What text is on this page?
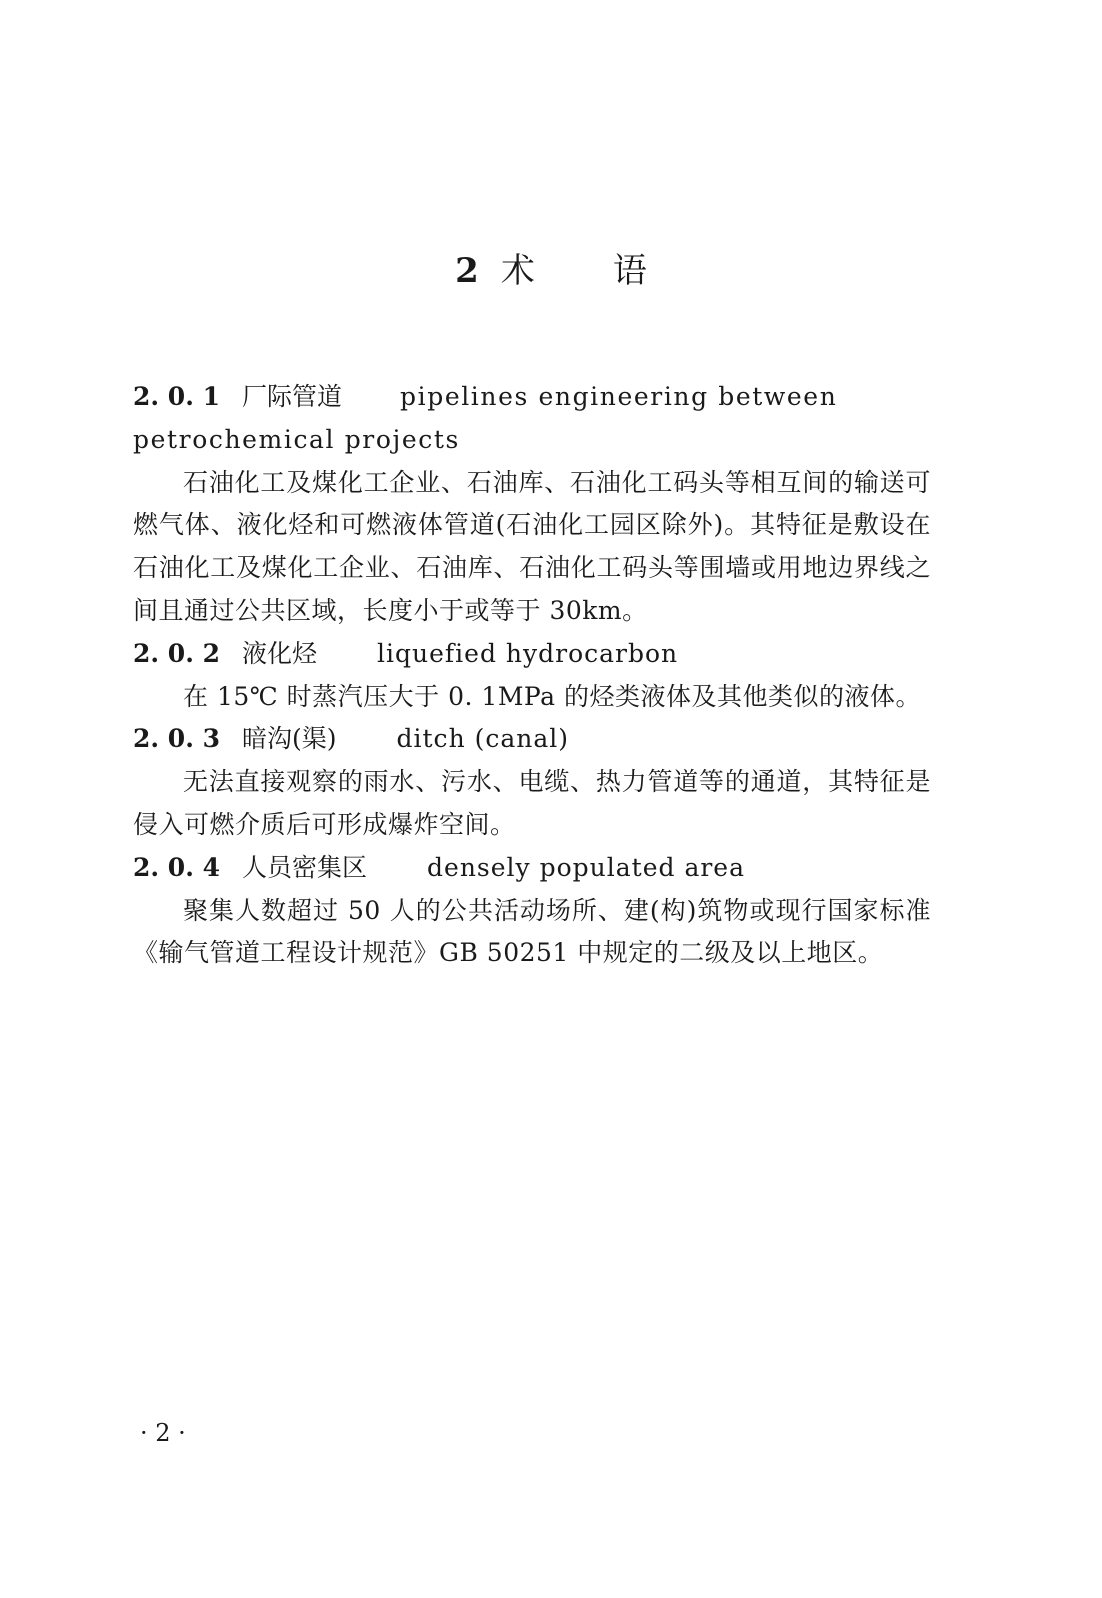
2 术语
2. 0. 1 厂际管道 pipelines engineering between petrochemical projects
石油化工及煤化工企业、石油库、石油化工码头等相互间的输送可燃气体、液化烃和可燃液体管道(石油化工园区除外)。其特征是敷设在石油化工及煤化工企业、石油库、石油化工码头等围墙或用地边界线之间且通过公共区域，长度小于或等于 30km。
2. 0. 2 液化烃 liquefied hydrocarbon
在 15℃ 时蒸汽压大于 0. 1MPa 的烃类液体及其他类似的液体。
2. 0. 3 暗沟(渠) ditch (canal)
无法直接观察的雨水、污水、电缆、热力管道等的通道，其特征是侵入可燃介质后可形成爆炸空间。
2. 0. 4 人员密集区 densely populated area
聚集人数超过 50 人的公共活动场所、建(构)筑物或现行国家标准《输气管道工程设计规范》GB 50251 中规定的二级及以上地区。
· 2 ·
